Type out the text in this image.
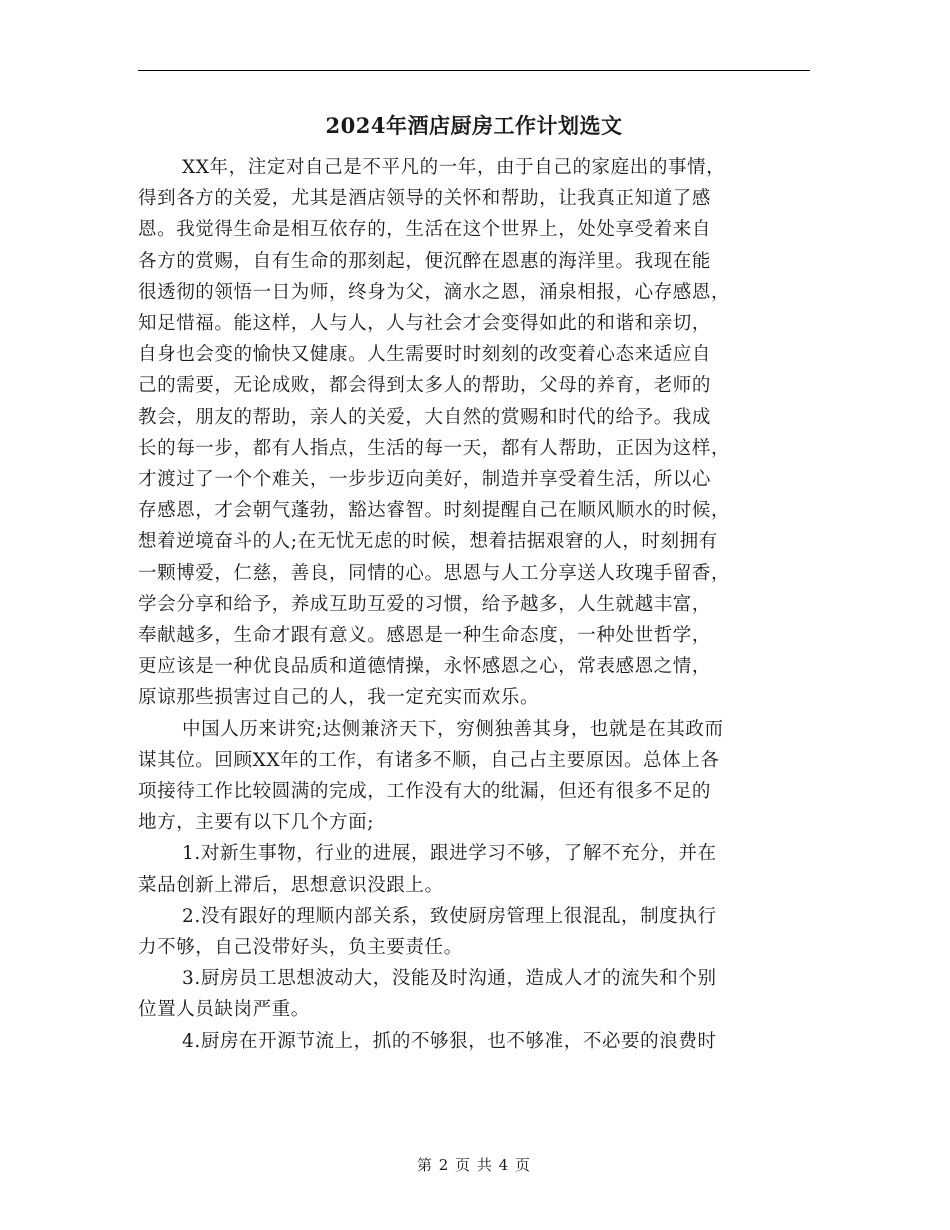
2024年酒店厨房工作计划选文

XX年，注定对自己是不平凡的一年，由于自己的家庭出的事情，
得到各方的关爱，尤其是酒店领导的关怀和帮助，让我真正知道了感
恩。我觉得生命是相互依存的，生活在这个世界上，处处享受着来自
各方的赏赐，自有生命的那刻起，便沉醉在恩惠的海洋里。我现在能
很透彻的领悟一日为师，终身为父，滴水之恩，涌泉相报，心存感恩，
知足惜福。能这样，人与人，人与社会才会变得如此的和谐和亲切，
自身也会变的愉快又健康。人生需要时时刻刻的改变着心态来适应自
己的需要，无论成败，都会得到太多人的帮助，父母的养育，老师的
教会，朋友的帮助，亲人的关爱，大自然的赏赐和时代的给予。我成
长的每一步，都有人指点，生活的每一天，都有人帮助，正因为这样，
才渡过了一个个难关，一步步迈向美好，制造并享受着生活，所以心
存感恩，才会朝气蓬勃，豁达睿智。时刻提醒自己在顺风顺水的时候，
想着逆境奋斗的人;在无忧无虑的时候，想着拮据艰窘的人，时刻拥有
一颗博爱，仁慈，善良，同情的心。思恩与人工分享送人玫瑰手留香，
学会分享和给予，养成互助互爱的习惯，给予越多，人生就越丰富，
奉献越多，生命才跟有意义。感恩是一种生命态度，一种处世哲学，
更应该是一种优良品质和道德情操，永怀感恩之心，常表感恩之情，
原谅那些损害过自己的人，我一定充实而欢乐。

中国人历来讲究;达侧兼济天下，穷侧独善其身，也就是在其政而
谋其位。回顾XX年的工作，有诸多不顺，自己占主要原因。总体上各
项接待工作比较圆满的完成，工作没有大的纰漏，但还有很多不足的
地方，主要有以下几个方面;

1.对新生事物，行业的进展，跟进学习不够，了解不充分，并在
菜品创新上滞后，思想意识没跟上。

2.没有跟好的理顺内部关系，致使厨房管理上很混乱，制度执行
力不够，自己没带好头，负主要责任。

3.厨房员工思想波动大，没能及时沟通，造成人才的流失和个别
位置人员缺岗严重。

4.厨房在开源节流上，抓的不够狠，也不够准，不必要的浪费时

第 2 页 共 4 页
